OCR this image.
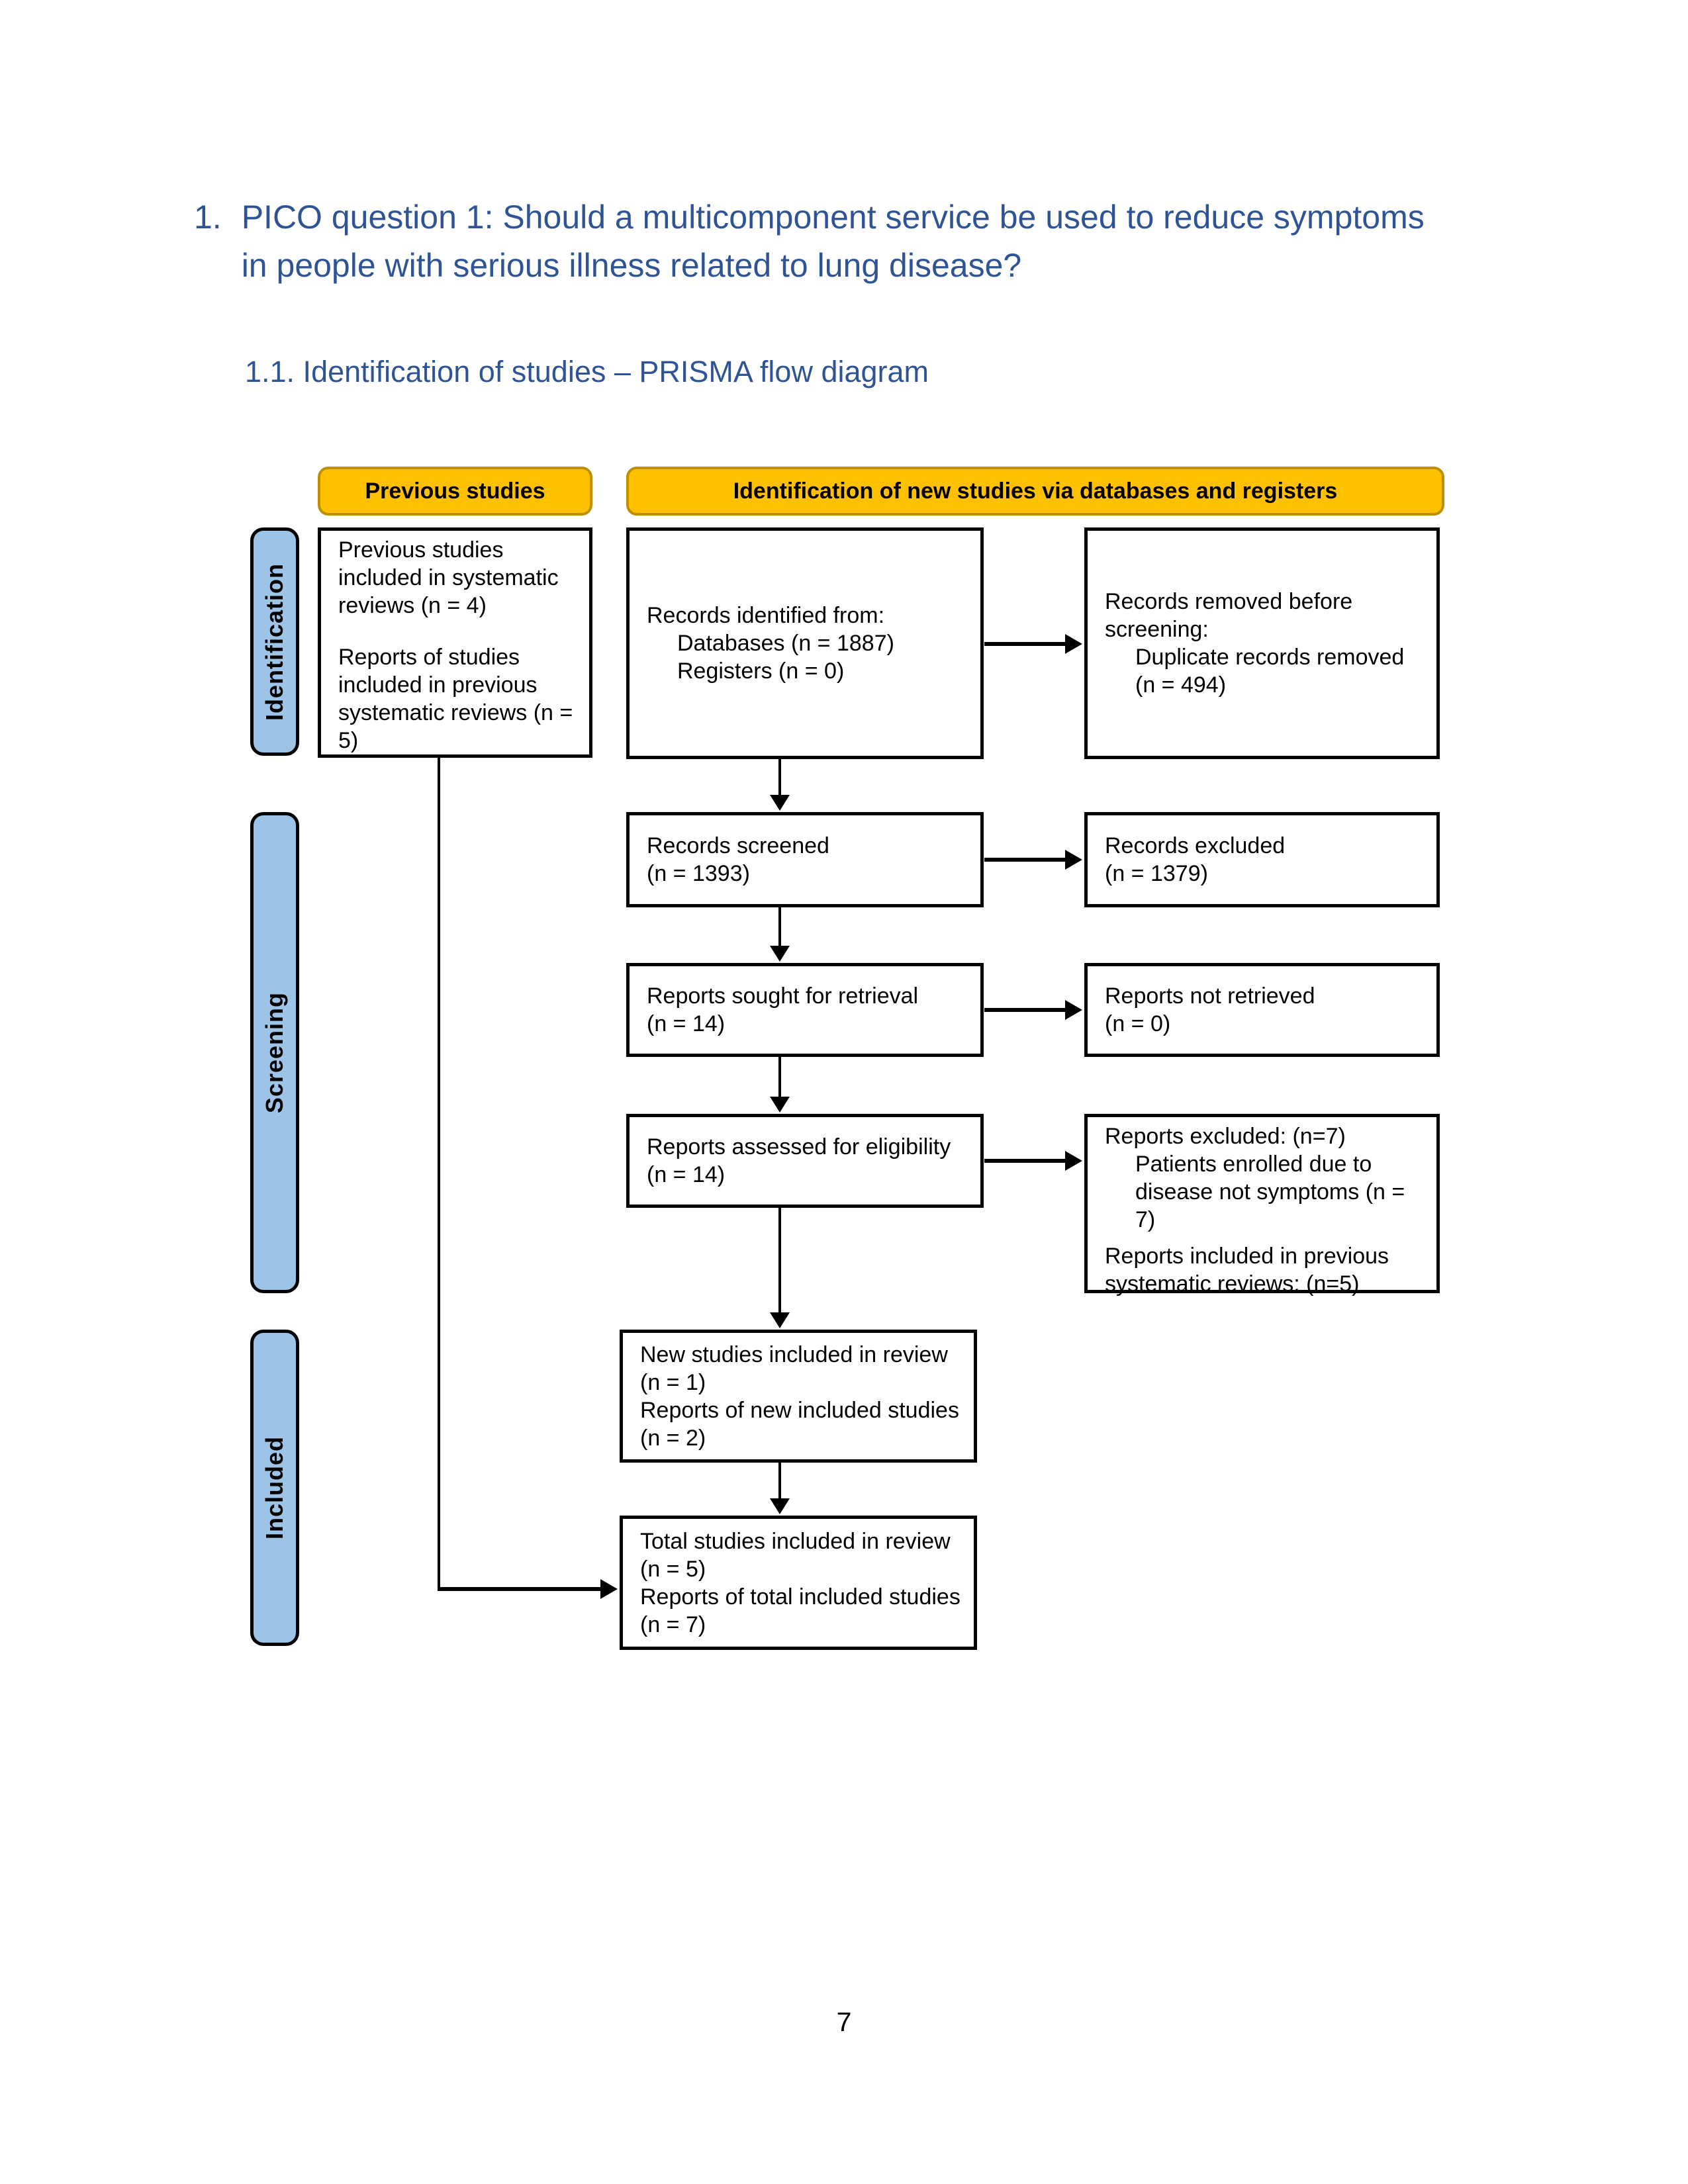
1. PICO question 1: Should a multicomponent service be used to reduce symptoms in people with serious illness related to lung disease?
1.1. Identification of studies – PRISMA flow diagram
Previous studies	Identification of new studies via databases and registers
Identification
Screening
Included
Previous studies included in systematic reviews (n = 4)

Reports of studies included in previous systematic reviews (n = 5)
Records identified from:
Databases (n = 1887)
Registers (n = 0)
Records removed before screening:
Duplicate records removed
(n = 494)
Records screened
(n = 1393)
Records excluded
(n = 1379)
Reports sought for retrieval
(n = 14)
Reports not retrieved
(n = 0)
Reports assessed for eligibility
(n = 14)
Reports excluded: (n=7)
Patients enrolled due to disease not symptoms (n = 7)

Reports included in previous systematic reviews: (n=5)
New studies included in review
(n = 1)
Reports of new included studies
(n = 2)
Total studies included in review
(n = 5)
Reports of total included studies
(n = 7)
7
